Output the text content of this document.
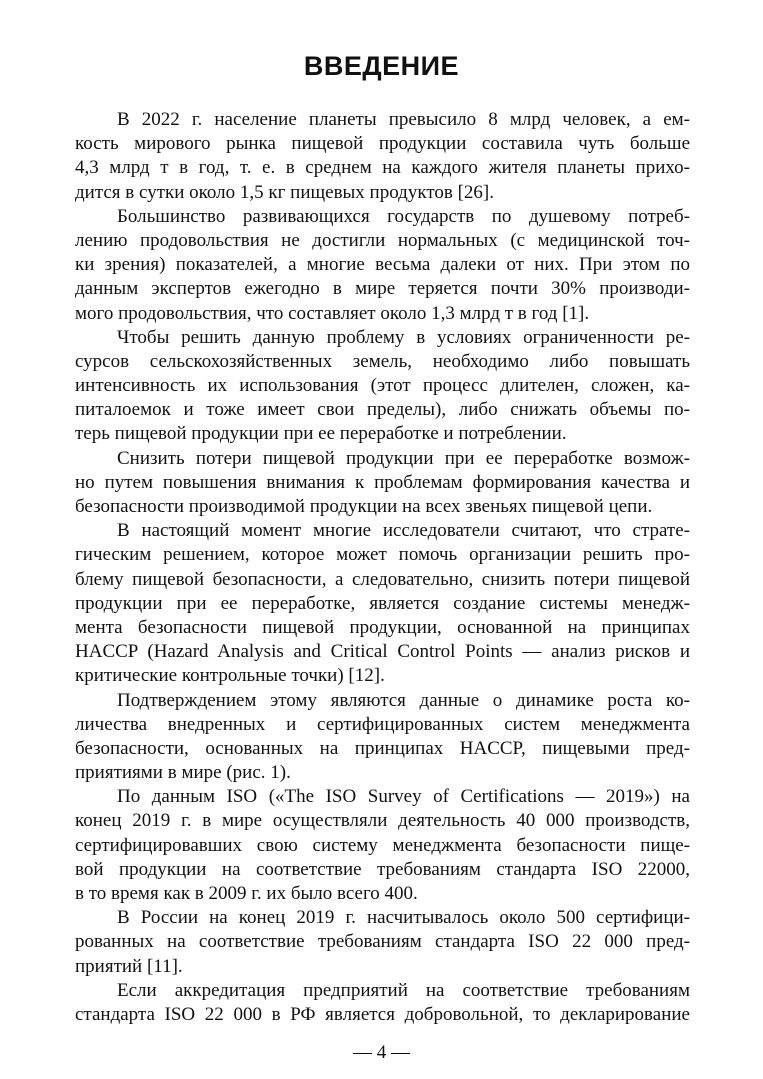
ВВЕДЕНИЕ
В 2022 г. население планеты превысило 8 млрд человек, а ем-
кость мирового рынка пищевой продукции составила чуть больше
4,3 млрд т в год, т. е. в среднем на каждого жителя планеты прихо-
дится в сутки около 1,5 кг пищевых продуктов [26].
Большинство развивающихся государств по душевому потреб-
лению продовольствия не достигли нормальных (с медицинской точ-
ки зрения) показателей, а многие весьма далеки от них. При этом по
данным экспертов ежегодно в мире теряется почти 30% производи-
мого продовольствия, что составляет около 1,3 млрд т в год [1].
Чтобы решить данную проблему в условиях ограниченности ре-
сурсов сельскохозяйственных земель, необходимо либо повышать
интенсивность их использования (этот процесс длителен, сложен, ка-
питалоемок и тоже имеет свои пределы), либо снижать объемы по-
терь пищевой продукции при ее переработке и потреблении.
Снизить потери пищевой продукции при ее переработке возмож-
но путем повышения внимания к проблемам формирования качества и
безопасности производимой продукции на всех звеньях пищевой цепи.
В настоящий момент многие исследователи считают, что страте-
гическим решением, которое может помочь организации решить про-
блему пищевой безопасности, а следовательно, снизить потери пищевой
продукции при ее переработке, является создание системы менедж-
мента безопасности пищевой продукции, основанной на принципах
HACCP (Hazard Analysis and Critical Control Points — анализ рисков и
критические контрольные точки) [12].
Подтверждением этому являются данные о динамике роста ко-
личества внедренных и сертифицированных систем менеджмента
безопасности, основанных на принципах HACCP, пищевыми пред-
приятиями в мире (рис. 1).
По данным ISO («The ISO Survey of Certifications — 2019») на
конец 2019 г. в мире осуществляли деятельность 40 000 производств,
сертифицировавших свою систему менеджмента безопасности пище-
вой продукции на соответствие требованиям стандарта ISO 22000,
в то время как в 2009 г. их было всего 400.
В России на конец 2019 г. насчитывалось около 500 сертифици-
рованных на соответствие требованиям стандарта ISO 22 000 пред-
приятий [11].
Если аккредитация предприятий на соответствие требованиям
стандарта ISO 22 000 в РФ является добровольной, то декларирование
— 4 —
